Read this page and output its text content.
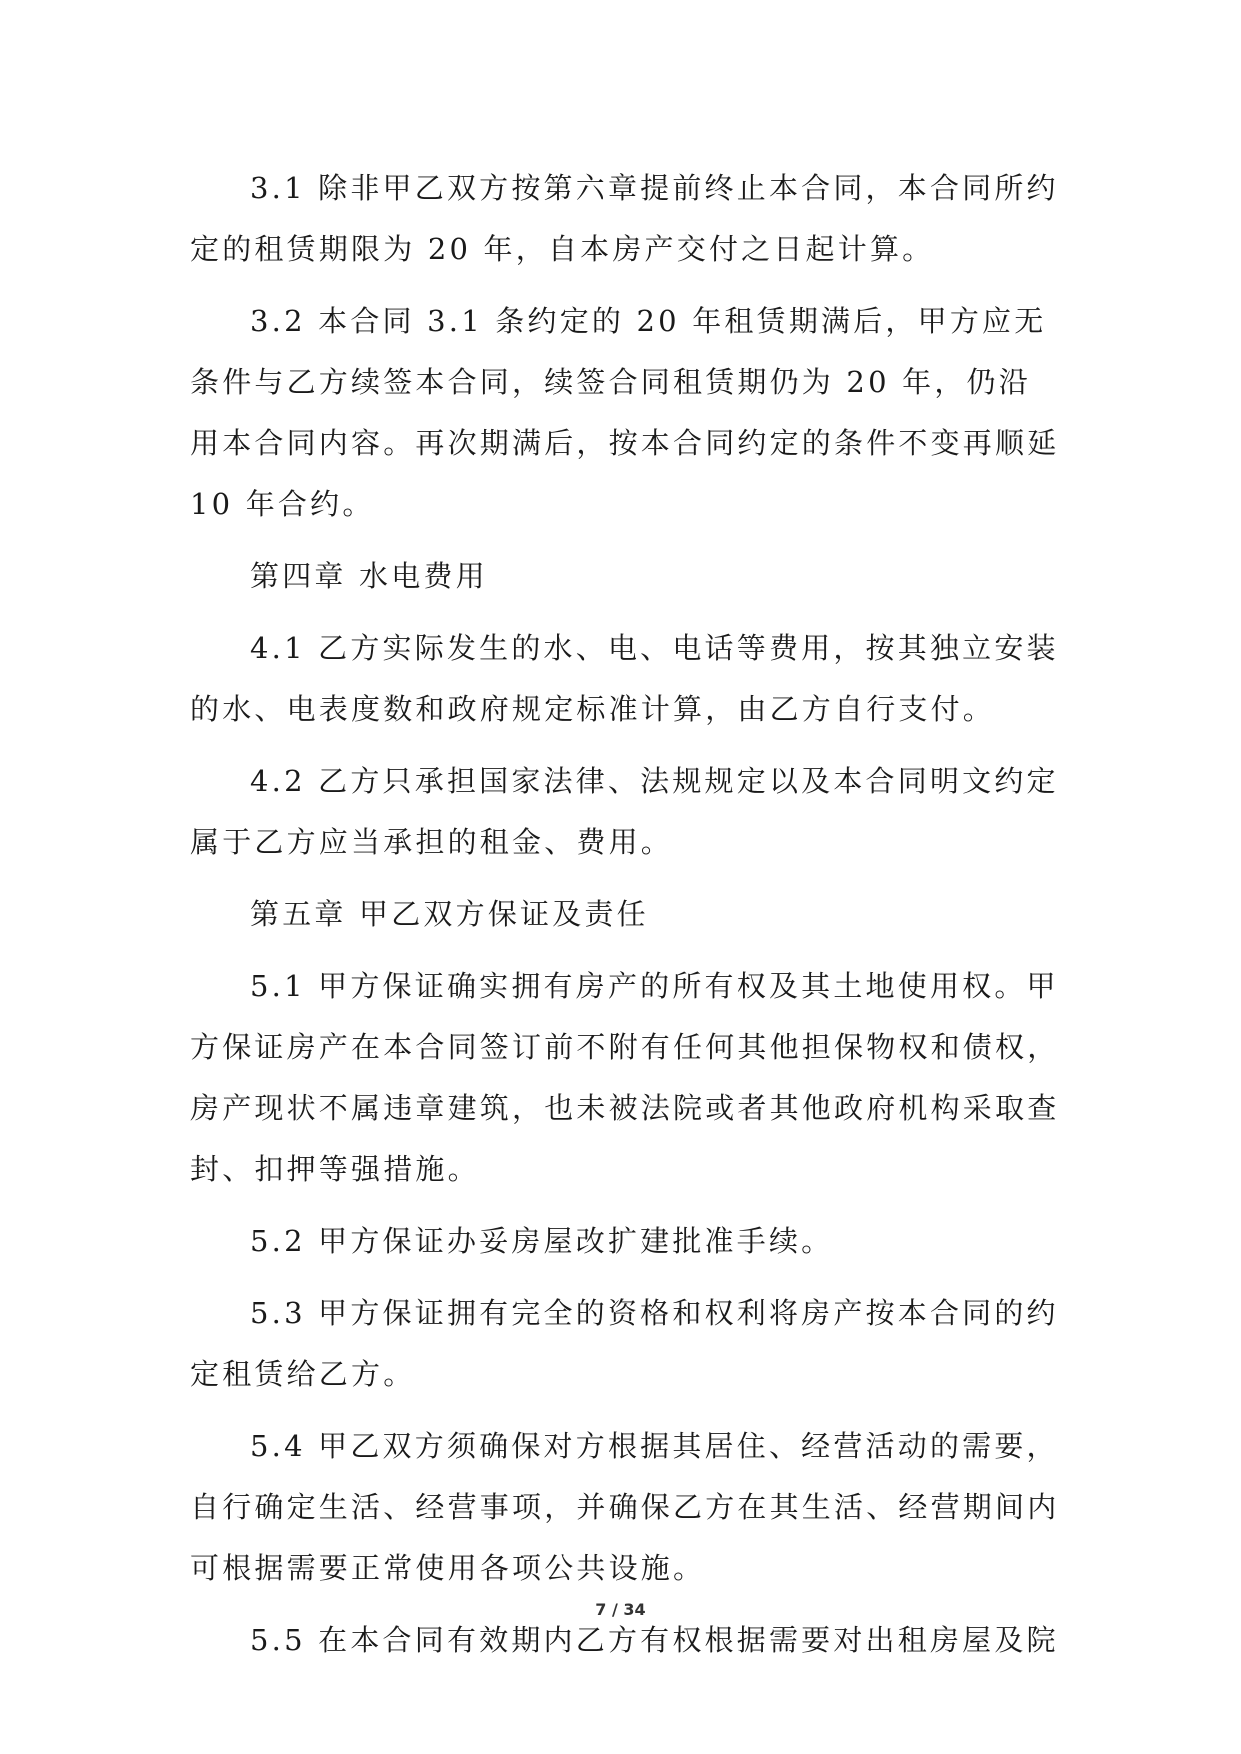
3.1 除非甲乙双方按第六章提前终止本合同，本合同所约定的租赁期限为 20 年，自本房产交付之日起计算。

3.2 本合同 3.1 条约定的 20 年租赁期满后，甲方应无条件与乙方续签本合同，续签合同租赁期仍为 20 年，仍沿用本合同内容。再次期满后，按本合同约定的条件不变再顺延 10 年合约。

第四章 水电费用

4.1 乙方实际发生的水、电、电话等费用，按其独立安装的水、电表度数和政府规定标准计算，由乙方自行支付。

4.2 乙方只承担国家法律、法规规定以及本合同明文约定属于乙方应当承担的租金、费用。

第五章 甲乙双方保证及责任

5.1 甲方保证确实拥有房产的所有权及其土地使用权。甲方保证房产在本合同签订前不附有任何其他担保物权和债权，房产现状不属违章建筑，也未被法院或者其他政府机构采取查封、扣押等强措施。

5.2 甲方保证办妥房屋改扩建批准手续。

5.3 甲方保证拥有完全的资格和权利将房产按本合同的约定租赁给乙方。

5.4 甲乙双方须确保对方根据其居住、经营活动的需要，自行确定生活、经营事项，并确保乙方在其生活、经营期间内可根据需要正常使用各项公共设施。

5.5 在本合同有效期内乙方有权根据需要对出租房屋及院

7 / 34
